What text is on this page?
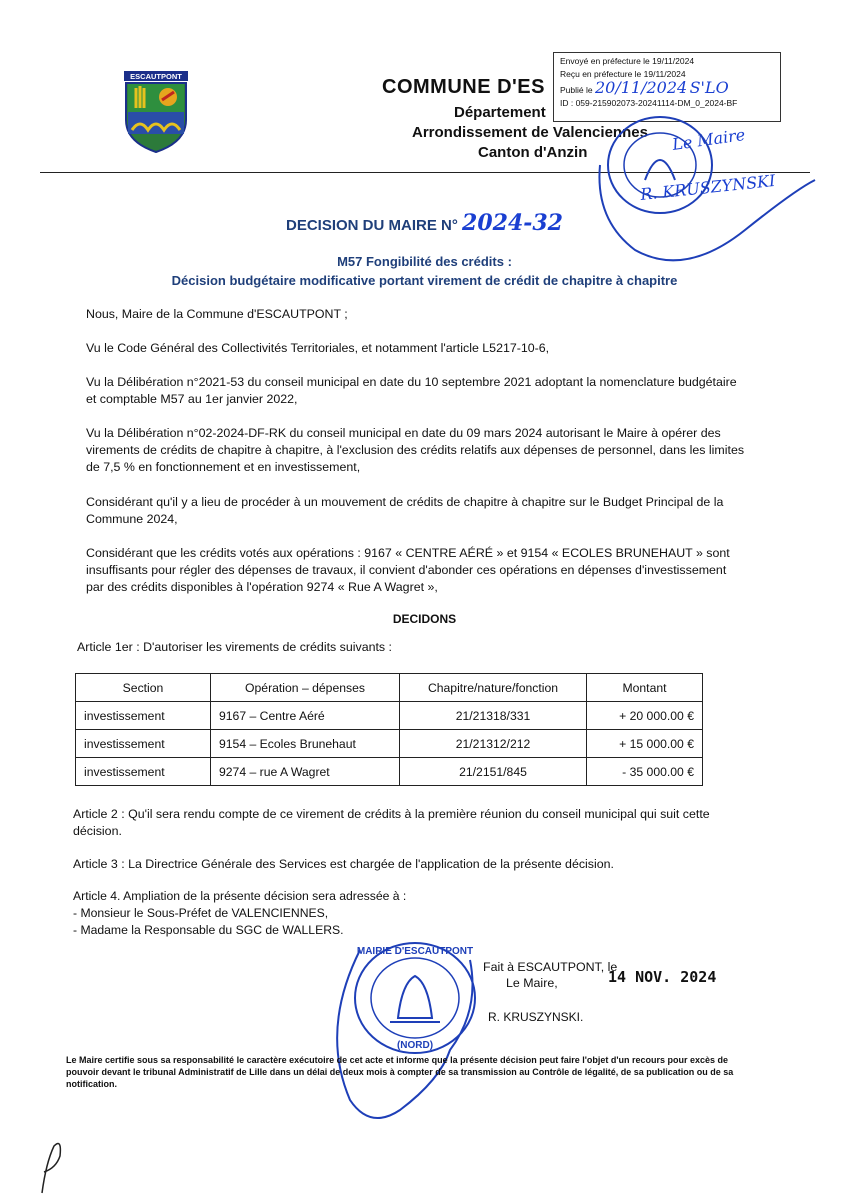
ESCAUTPONT	COMMUNE D'ES
Département
Arrondissement de Valenciennes
Canton d'Anzin
Envoyé en préfecture le 19/11/2024
Reçu en préfecture le 19/11/2024
Publié le 20/11/2024 S'LO
ID : 059-215902073-20241114-DM_0_2024-BF
Le Maire
R. KRUSZYNSKI
DECISION DU MAIRE N° 2024-32
M57 Fongibilité des crédits :
Décision budgétaire modificative portant virement de crédit de chapitre à chapitre
Nous, Maire de la Commune d'ESCAUTPONT ;
Vu le Code Général des Collectivités Territoriales, et notamment l'article L5217-10-6,
Vu la Délibération n°2021-53 du conseil municipal en date du 10 septembre 2021 adoptant la nomenclature budgétaire et comptable M57 au 1er janvier 2022,
Vu la Délibération n°02-2024-DF-RK du conseil municipal en date du 09 mars 2024 autorisant le Maire à opérer des virements de crédits de chapitre à chapitre, à l'exclusion des crédits relatifs aux dépenses de personnel, dans les limites de 7,5 % en fonctionnement et en investissement,
Considérant qu'il y a lieu de procéder à un mouvement de crédits de chapitre à chapitre sur le Budget Principal de la Commune 2024,
Considérant que les crédits votés aux opérations : 9167 « CENTRE AÉRÉ » et 9154 « ECOLES BRUNEHAUT » sont insuffisants pour régler des dépenses de travaux, il convient d'abonder ces opérations en dépenses d'investissement par des crédits disponibles à l'opération 9274 « Rue A Wagret »,
DECIDONS
Article 1er : D'autoriser les virements de crédits suivants :
Section	Opération – dépenses	Chapitre/nature/fonction	Montant
investissement	9167 – Centre Aéré	21/21318/331	+ 20 000.00 €
investissement	9154 – Ecoles Brunehaut	21/21312/212	+ 15 000.00 €
investissement	9274 – rue A Wagret	21/2151/845	- 35 000.00 €
Article 2 : Qu'il sera rendu compte de ce virement de crédits à la première réunion du conseil municipal qui suit cette décision.
Article 3 : La Directrice Générale des Services est chargée de l'application de la présente décision.
Article 4. Ampliation de la présente décision sera adressée à :
- Monsieur le Sous-Préfet de VALENCIENNES,
- Madame la Responsable du SGC de WALLERS.
MAIRIE D'ESCAUTPONT
(NORD)
Fait à ESCAUTPONT, le
14 NOV. 2024
Le Maire,
R. KRUSZYNSKI.
Le Maire certifie sous sa responsabilité le caractère exécutoire de cet acte et informe que la présente décision peut faire l'objet d'un recours pour excès de pouvoir devant le tribunal Administratif de Lille dans un délai de deux mois à compter de sa transmission au Contrôle de légalité, de sa publication ou de sa notification.
